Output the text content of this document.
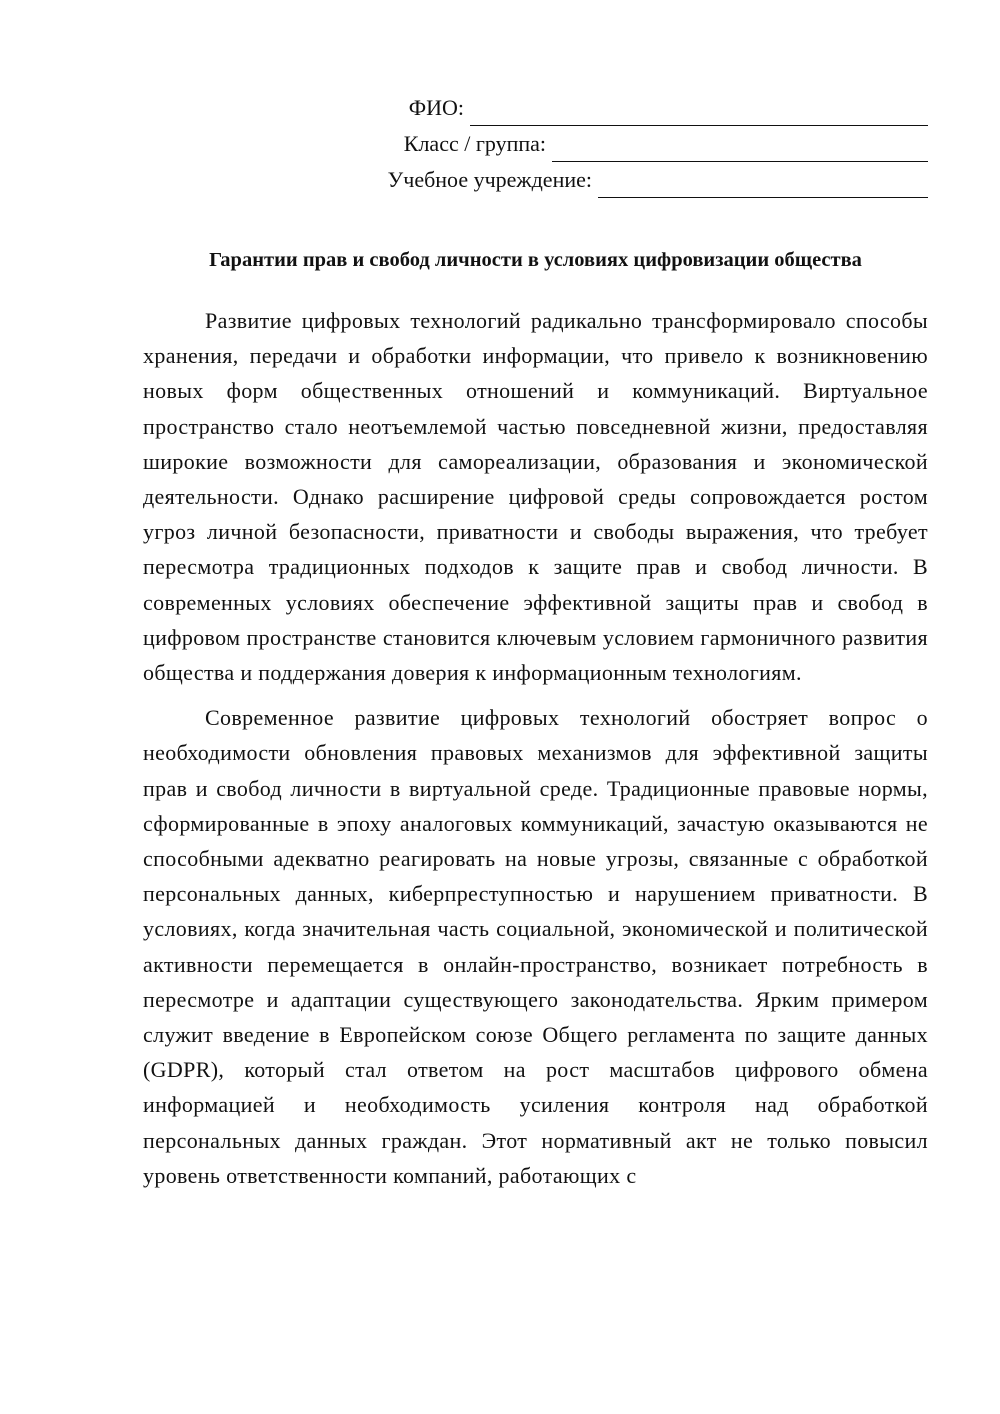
ФИО:
Класс / группа:
Учебное учреждение:
Гарантии прав и свобод личности в условиях цифровизации общества

Развитие цифровых технологий радикально трансформировало способы хранения, передачи и обработки информации, что привело к возникновению новых форм общественных отношений и коммуникаций. Виртуальное пространство стало неотъемлемой частью повседневной жизни, предоставляя широкие возможности для самореализации, образования и экономической деятельности. Однако расширение цифровой среды сопровождается ростом угроз личной безопасности, приватности и свободы выражения, что требует пересмотра традиционных подходов к защите прав и свобод личности. В современных условиях обеспечение эффективной защиты прав и свобод в цифровом пространстве становится ключевым условием гармоничного развития общества и поддержания доверия к информационным технологиям.

Современное развитие цифровых технологий обостряет вопрос о необходимости обновления правовых механизмов для эффективной защиты прав и свобод личности в виртуальной среде. Традиционные правовые нормы, сформированные в эпоху аналоговых коммуникаций, зачастую оказываются не способными адекватно реагировать на новые угрозы, связанные с обработкой персональных данных, киберпреступностью и нарушением приватности. В условиях, когда значительная часть социальной, экономической и политической активности перемещается в онлайн-пространство, возникает потребность в пересмотре и адаптации существующего законодательства. Ярким примером служит введение в Европейском союзе Общего регламента по защите данных (GDPR), который стал ответом на рост масштабов цифрового обмена информацией и необходимость усиления контроля над обработкой персональных данных граждан. Этот нормативный акт не только повысил уровень ответственности компаний, работающих с
